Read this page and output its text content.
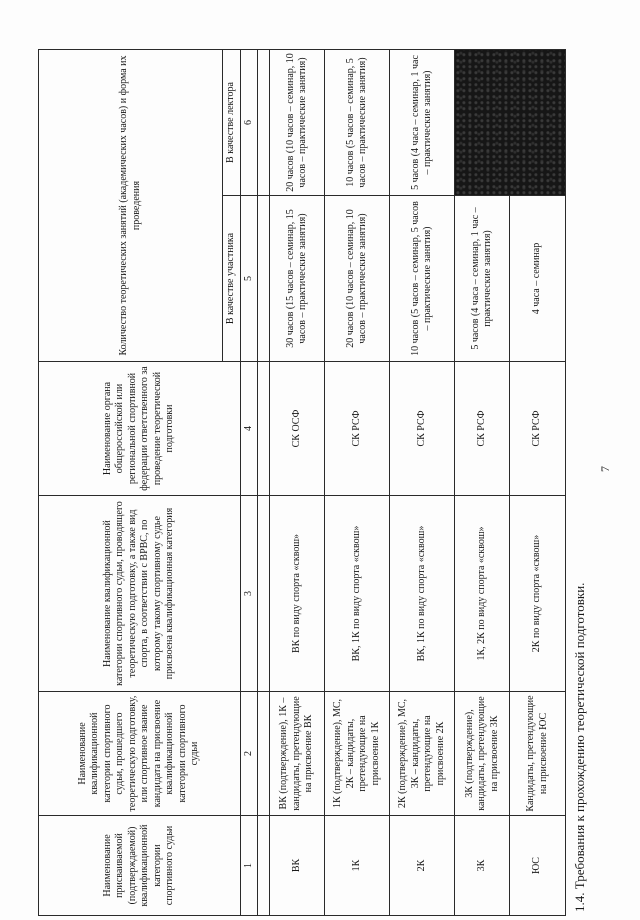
7
1.4. Требования к прохождению теоретической подготовки.
Наименование присваиваемой (подтверждаемой) квалификационной категории спортивного судьи	Наименование квалификационной категории спортивного судьи, прошедшего теоретическую подготовку, или спортивное звание кандидата на присвоение квалификационной категории спортивного судьи	Наименование квалификационной категории спортивного судьи, проводящего теоретическую подготовку, а также вид спорта, в соответствии с ВРВС, по которому такому спортивному судье присвоена квалификационная категория	Наименование органа общероссийской или региональной спортивной федерации ответственного за проведение теоретической подготовки	Количество теоретических занятий (академических часов) и форма их проведения	
				В качестве участника	В качестве лектора
1	2	3	4	5	6

ВК	ВК (подтверждение), 1К – кандидаты, претендующие на присвоение ВК	ВК по виду спорта «сквош»	СК ОСФ	30 часов (15 часов – семинар, 15 часов – практические занятия)	20 часов (10 часов – семинар, 10 часов – практические занятия)
1К	1К (подтверждение), МС, 2К – кандидаты, претендующие на присвоение 1К	ВК, 1К по виду спорта «сквош»	СК РСФ	20 часов (10 часов – семинар, 10 часов – практические занятия)	10 часов (5 часов – семинар, 5 часов – практические занятия)
2К	2К (подтверждение), МС, 3К – кандидаты, претендующие на присвоение 2К	ВК, 1К по виду спорта «сквош»	СК РСФ	10 часов (5 часов – семинар, 5 часов – практические занятия)	5 часов (4 часа – семинар, 1 час – практические занятия)
3К	3К (подтверждение), кандидаты, претендующие на присвоение 3К	1К, 2К по виду спорта «сквош»	СК РСФ	5 часов (4 часа – семинар, 1 час – практические занятия)	
ЮС	Кандидаты, претендующие на присвоение ЮС	2К по виду спорта «сквош»	СК РСФ	4 часа – семинар	
